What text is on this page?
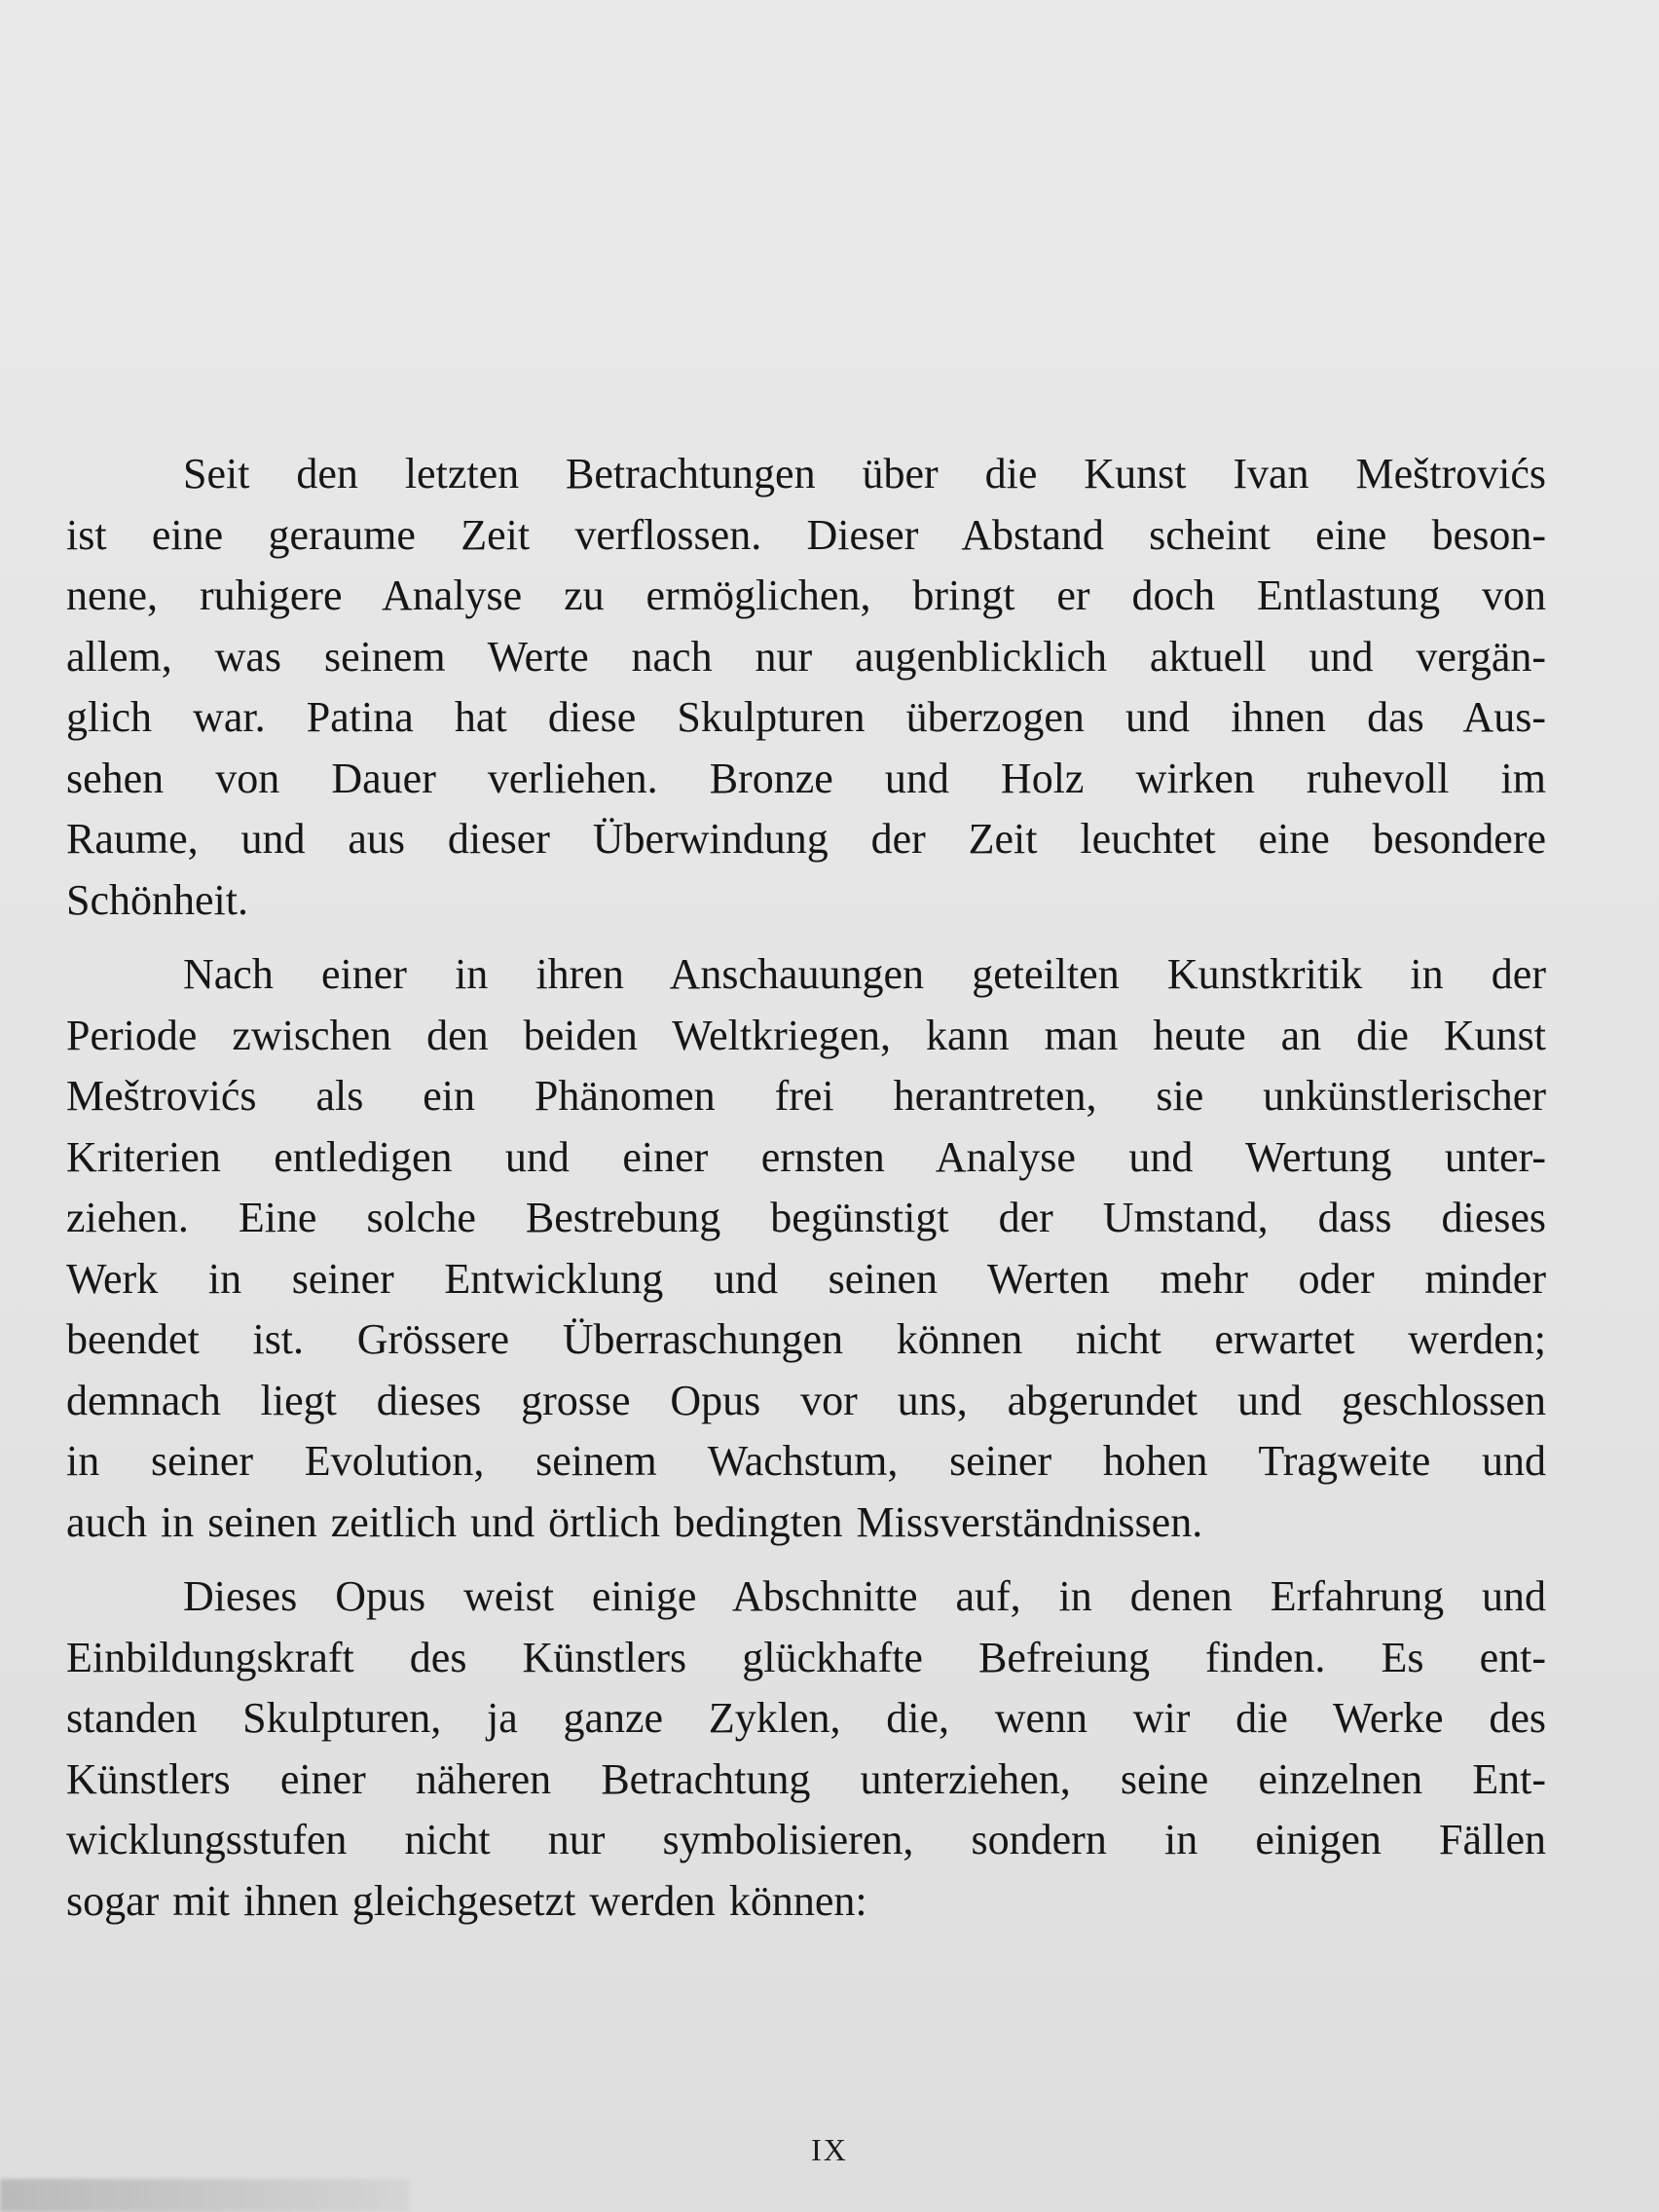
Seit den letzten Betrachtungen über die Kunst Ivan Meštrovićs
ist eine geraume Zeit verflossen. Dieser Abstand scheint eine beson-
nene, ruhigere Analyse zu ermöglichen, bringt er doch Entlastung von
allem, was seinem Werte nach nur augenblicklich aktuell und vergän-
glich war. Patina hat diese Skulpturen überzogen und ihnen das Aus-
sehen von Dauer verliehen. Bronze und Holz wirken ruhevoll im
Raume, und aus dieser Überwindung der Zeit leuchtet eine besondere
Schönheit.

Nach einer in ihren Anschauungen geteilten Kunstkritik in der
Periode zwischen den beiden Weltkriegen, kann man heute an die Kunst
Meštrovićs als ein Phänomen frei herantreten, sie unkünstlerischer
Kriterien entledigen und einer ernsten Analyse und Wertung unter-
ziehen. Eine solche Bestrebung begünstigt der Umstand, dass dieses
Werk in seiner Entwicklung und seinen Werten mehr oder minder
beendet ist. Grössere Überraschungen können nicht erwartet werden;
demnach liegt dieses grosse Opus vor uns, abgerundet und geschlossen
in seiner Evolution, seinem Wachstum, seiner hohen Tragweite und
auch in seinen zeitlich und örtlich bedingten Missverständnissen.

Dieses Opus weist einige Abschnitte auf, in denen Erfahrung und
Einbildungskraft des Künstlers glückhafte Befreiung finden. Es ent-
standen Skulpturen, ja ganze Zyklen, die, wenn wir die Werke des
Künstlers einer näheren Betrachtung unterziehen, seine einzelnen Ent-
wicklungsstufen nicht nur symbolisieren, sondern in einigen Fällen
sogar mit ihnen gleichgesetzt werden können:

IX
